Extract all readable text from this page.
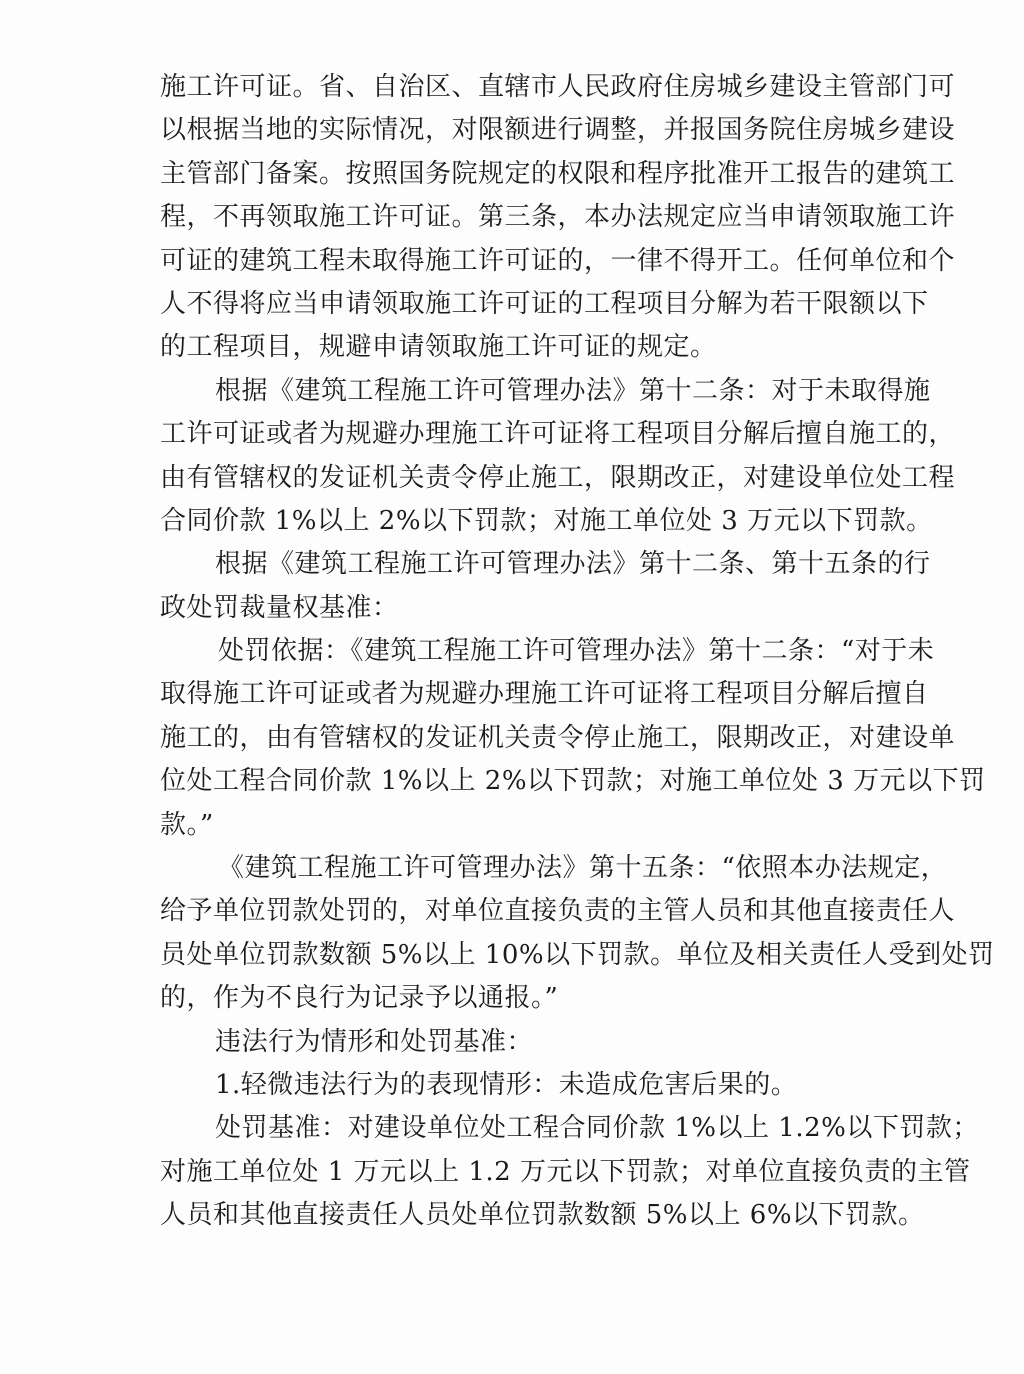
施工许可证。省、自治区、直辖市人民政府住房城乡建设主管部门可
以根据当地的实际情况，对限额进行调整，并报国务院住房城乡建设
主管部门备案。按照国务院规定的权限和程序批准开工报告的建筑工
程，不再领取施工许可证。第三条，本办法规定应当申请领取施工许
可证的建筑工程未取得施工许可证的，一律不得开工。任何单位和个
人不得将应当申请领取施工许可证的工程项目分解为若干限额以下
的工程项目，规避申请领取施工许可证的规定。
根据《建筑工程施工许可管理办法》第十二条：对于未取得施
工许可证或者为规避办理施工许可证将工程项目分解后擅自施工的，
由有管辖权的发证机关责令停止施工，限期改正，对建设单位处工程
合同价款 1%以上 2%以下罚款；对施工单位处 3 万元以下罚款。
根据《建筑工程施工许可管理办法》第十二条、第十五条的行
政处罚裁量权基准：
处罚依据：《建筑工程施工许可管理办法》第十二条：“对于未
取得施工许可证或者为规避办理施工许可证将工程项目分解后擅自
施工的，由有管辖权的发证机关责令停止施工，限期改正，对建设单
位处工程合同价款 1%以上 2%以下罚款；对施工单位处 3 万元以下罚
款。”
《建筑工程施工许可管理办法》第十五条：“依照本办法规定，
给予单位罚款处罚的，对单位直接负责的主管人员和其他直接责任人
员处单位罚款数额 5%以上 10%以下罚款。单位及相关责任人受到处罚
的，作为不良行为记录予以通报。”
违法行为情形和处罚基准：
1.轻微违法行为的表现情形：未造成危害后果的。
处罚基准：对建设单位处工程合同价款 1%以上 1.2%以下罚款；
对施工单位处 1 万元以上 1.2 万元以下罚款；对单位直接负责的主管
人员和其他直接责任人员处单位罚款数额 5%以上 6%以下罚款。
